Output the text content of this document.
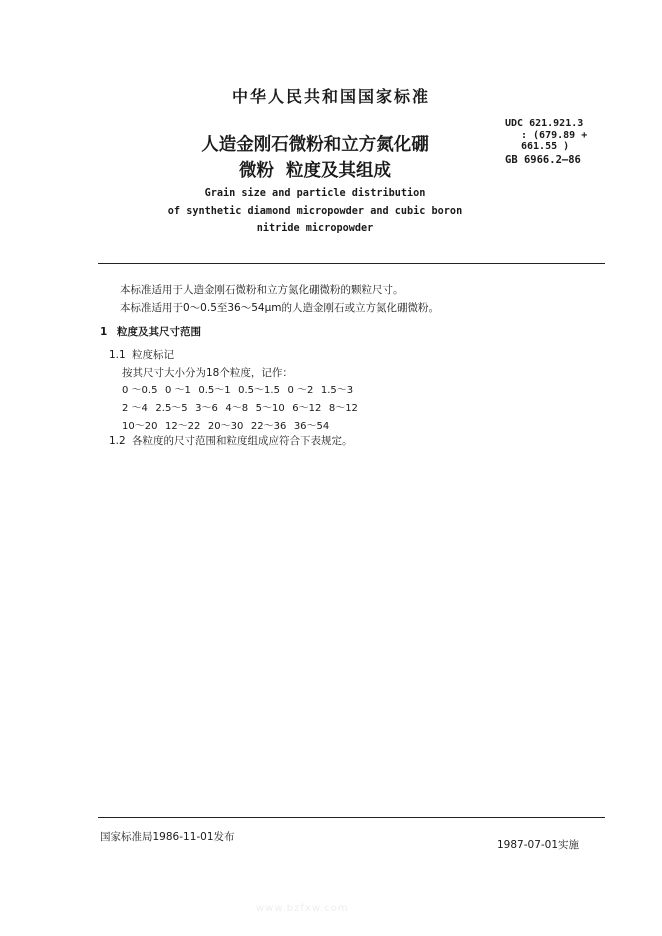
中华人民共和国国家标准
人造金刚石微粉和立方氮化硼
微粉 粒度及其组成
UDC 621.921.3
: (679.89 +
661.55 )
GB 6966.2—86
Grain size and particle distribution
of synthetic diamond micropowder and cubic boron
nitride micropowder
本标准适用于人造金刚石微粉和立方氮化硼微粉的颗粒尺寸。
本标准适用于0～0.5至36～54μm的人造金刚石或立方氮化硼微粉。
1 粒度及其尺寸范围
1.1 粒度标记
按其尺寸大小分为18个粒度，记作：
0 ～0.5 0 ～1 0.5～1 0.5～1.5 0 ～2 1.5～3
2 ～4 2.5～5 3～6 4～8 5～10 6～12 8～12
10～20 12～22 20～30 22～36 36～54
1.2 各粒度的尺寸范围和粒度组成应符合下表规定。
国家标准局1986-11-01发布
1987-07-01实施
www.bzfxw.com
